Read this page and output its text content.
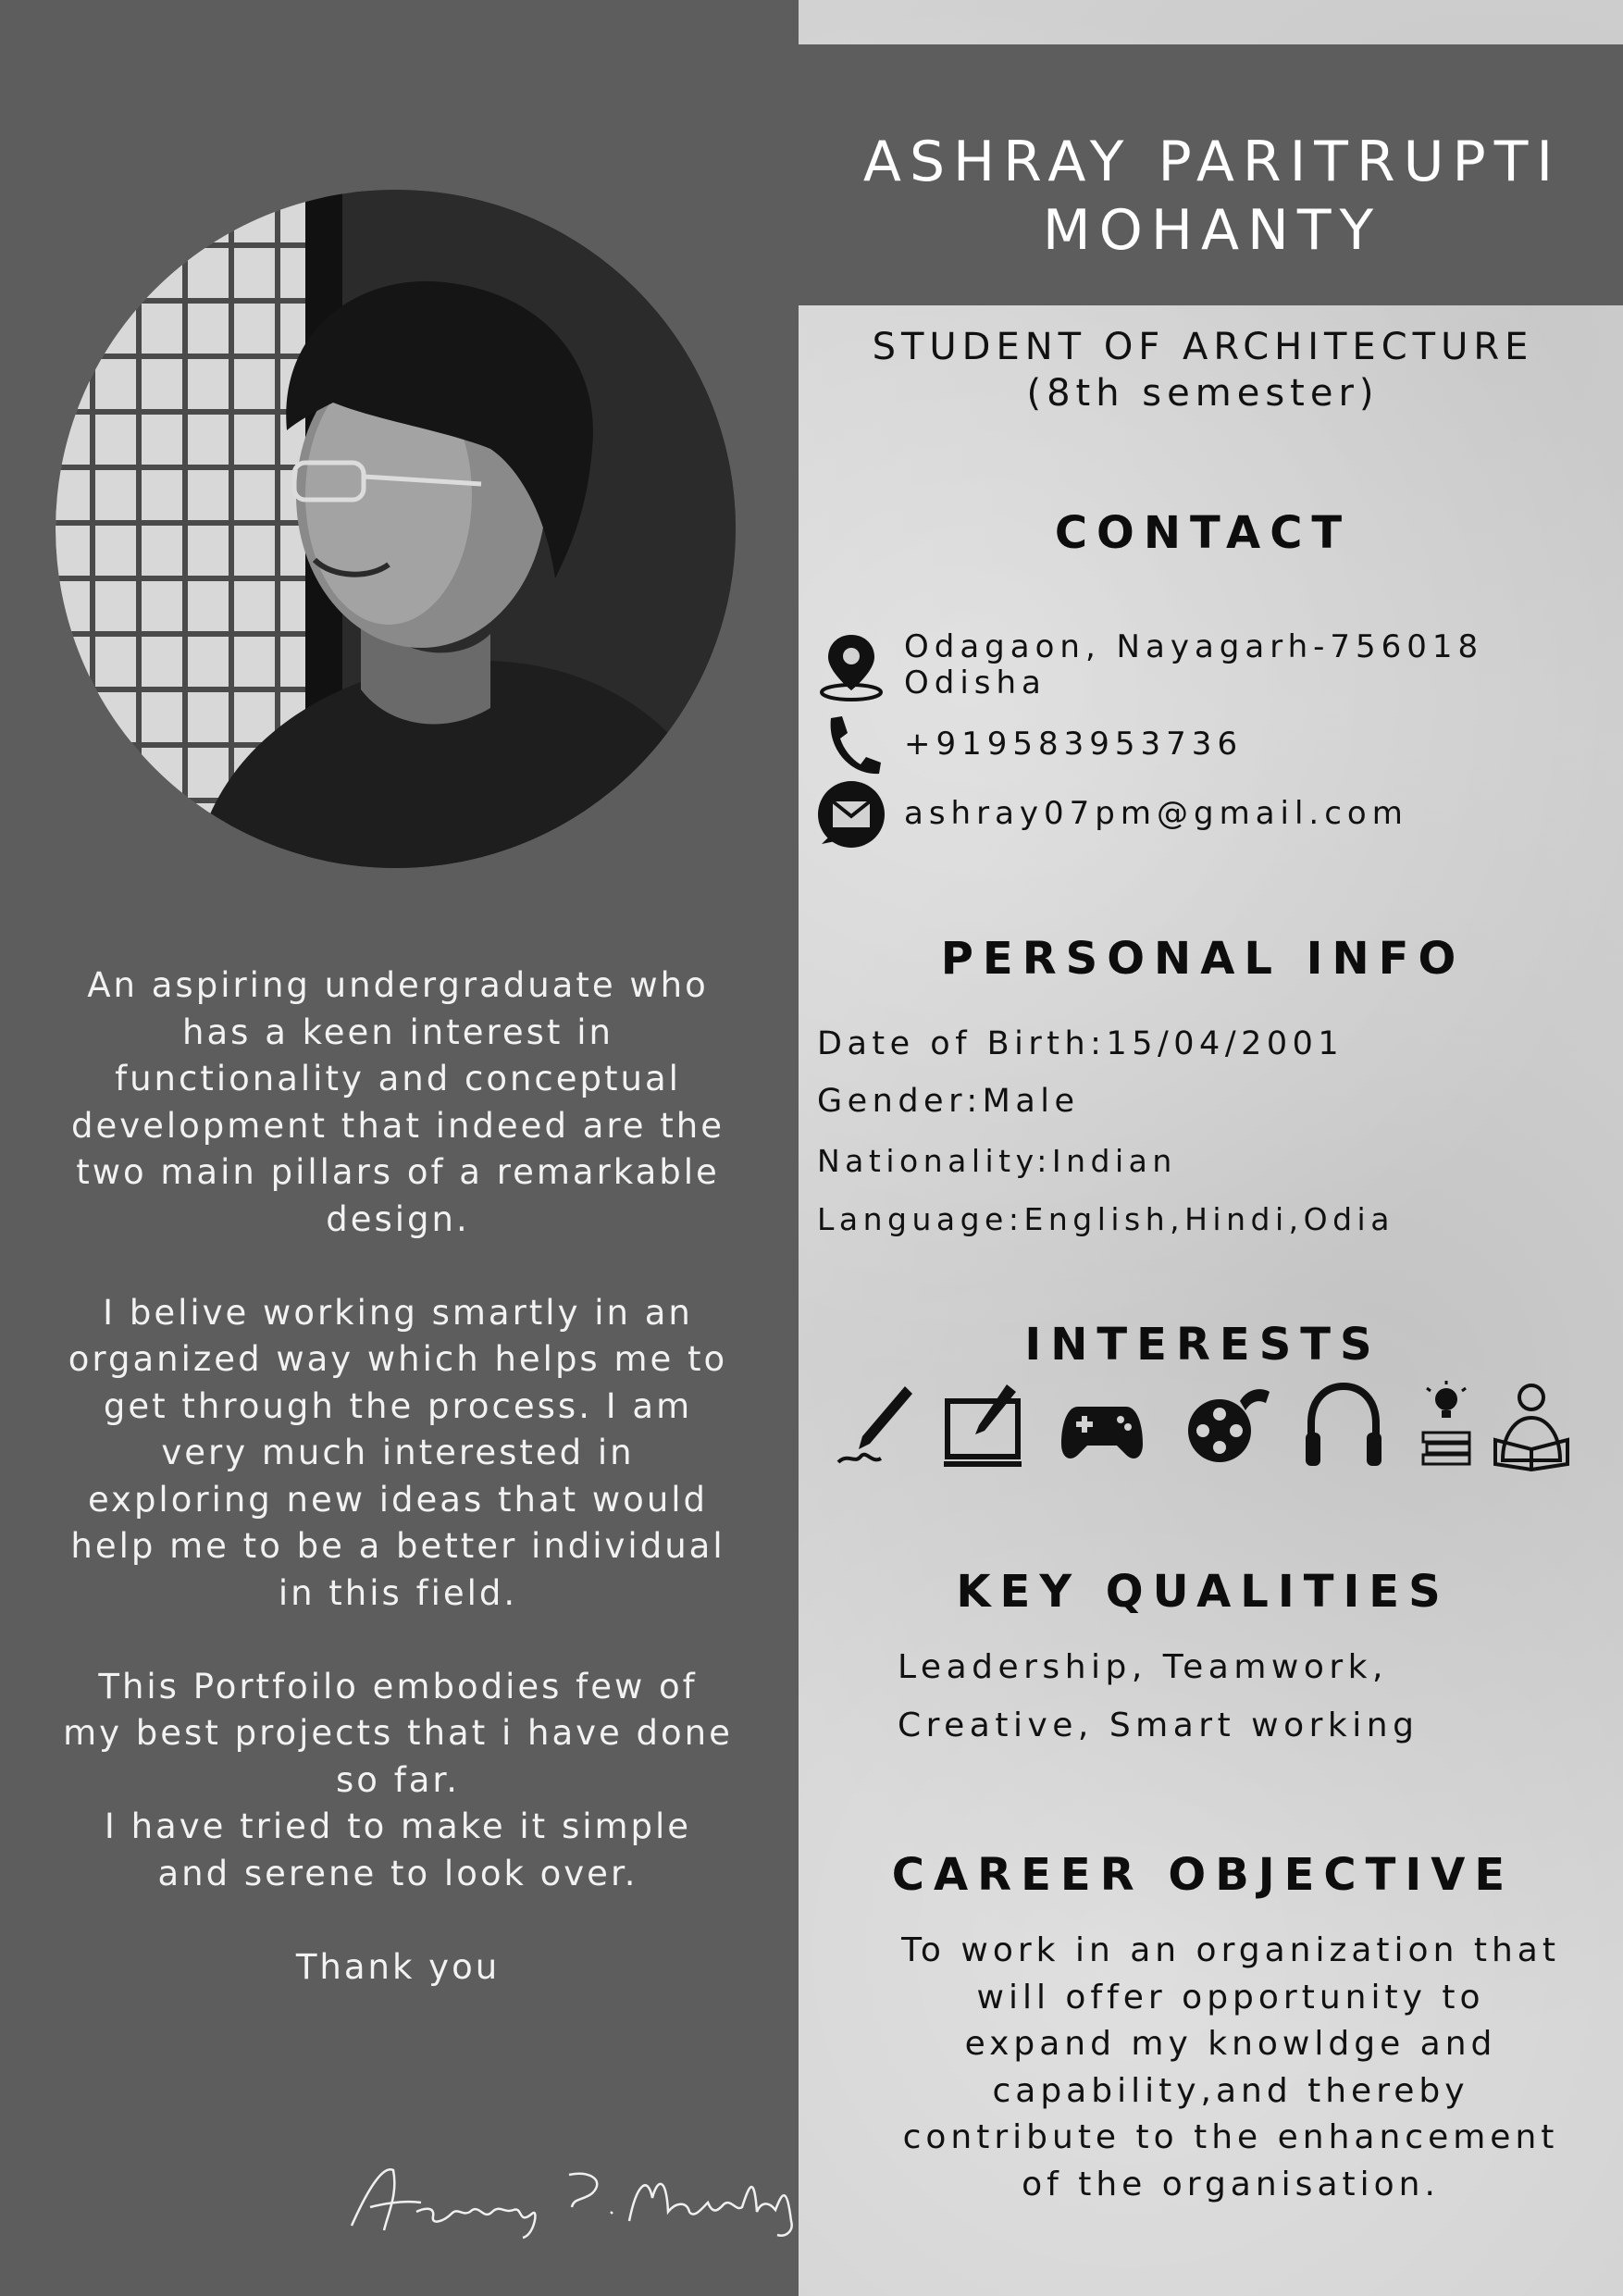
An aspiring undergraduate who
has a keen interest in
functionality and conceptual
development that indeed are the
two main pillars of a remarkable
design.

I belive working smartly in an
organized way which helps me to
get through the process. I am
very much interested in
exploring new ideas that would
help me to be a better individual
in this field.

This Portfoilo embodies few of
my best projects that i have done
so far.
I have tried to make it simple
and serene to look over.

Thank you
ASHRAY PARITRUPTI
MOHANTY
STUDENT OF ARCHITECTURE
(8th semester)
CONTACT
Odagaon, Nayagarh-756018
Odisha
+919583953736
ashray07pm@gmail.com
PERSONAL INFO
Date of Birth:15/04/2001
Gender:Male
Nationality:Indian
Language:English,Hindi,Odia
INTERESTS
KEY QUALITIES
Leadership, Teamwork,
Creative, Smart working
CAREER OBJECTIVE
To work in an organization that
will offer opportunity to
expand my knowldge and
capability,and thereby
contribute to the enhancement
of the organisation.
